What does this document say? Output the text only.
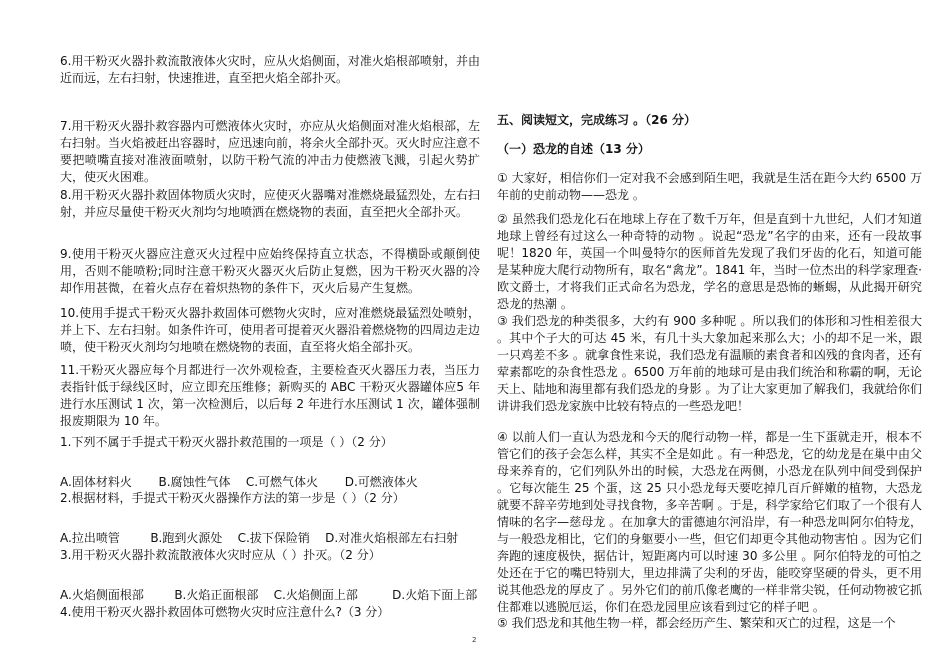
6.用干粉灭火器扑救流散液体火灾时，应从火焰侧面，对准火焰根部喷射，并由近而远，左右扫射，快速推进，直至把火焰全部扑灭。

7.用干粉灭火器扑救容器内可燃液体火灾时，亦应从火焰侧面对准火焰根部，左右扫射。当火焰被赶出容器时，应迅速向前，将余火全部扑灭。灭火时应注意不要把喷嘴直接对准液面喷射，以防干粉气流的冲击力使燃液飞溅，引起火势扩大，使灭火困难。

8.用干粉灭火器扑救固体物质火灾时，应使灭火器嘴对准燃烧最猛烈处，左右扫射，并应尽量使干粉灭火剂均匀地喷洒在燃烧物的表面，直至把火全部扑灭。

9.使用干粉灭火器应注意灭火过程中应始终保持直立状态，不得横卧或颠倒使用，否则不能喷粉;同时注意干粉灭火器灭火后防止复燃，因为干粉灭火器的冷却作用甚微，在着火点存在着炽热物的条件下，灭火后易产生复燃。

10.使用手提式干粉灭火器扑救固体可燃物火灾时，应对准燃烧最猛烈处喷射，并上下、左右扫射。如条件许可，使用者可提着灭火器沿着燃烧物的四周边走边喷，使干粉灭火剂均匀地喷在燃烧物的表面，直至将火焰全部扑灭。

11.干粉灭火器应每个月都进行一次外观检查，主要检查灭火器压力表，当压力表指针低于绿线区时，应立即充压维修；新购买的 ABC 干粉灭火器罐体应5 年进行水压测试 1 次，第一次检测后，以后每 2 年进行水压测试 1 次，罐体强制报废期限为 10 年。

1.下列不属于手提式干粉灭火器扑救范围的一项是（ ）（2 分）

A.固体材料火       B.腐蚀性气体    C.可燃气体火       D.可燃液体火

2.根据材料，手提式干粉灭火器操作方法的第一步是（ ）（2 分）

A.拉出喷管        B.跑到火源处    C.拔下保险销    D.对准火焰根部左右扫射

3.用干粉灭火器扑救流散液体火灾时应从（ ）扑灭。（2 分）

A.火焰侧面根部        B.火焰正面根部    C.火焰侧面上部         D.火焰下面上部

4.使用干粉灭火器扑救固体可燃物火灾时应注意什么?（3 分）

五、阅读短文，完成练习 。（26 分）

（一）恐龙的自述（13 分）

① 大家好，相信你们一定对我不会感到陌生吧，我就是生活在距今大约 6500 万年前的史前动物——恐龙 。

② 虽然我们恐龙化石在地球上存在了数千万年，但是直到十九世纪，人们才知道地球上曾经有过这么一种奇特的动物 。说起“恐龙”名字的由来，还有一段故事呢！1820 年，英国一个叫曼特尔的医师首先发现了我们牙齿的化石，知道可能是某种庞大爬行动物所有，取名“禽龙”。1841 年，当时一位杰出的科学家理查·欧文爵士，才将我们正式命名为恐龙，学名的意思是恐怖的蜥蜴，从此揭开研究恐龙的热潮 。

③ 我们恐龙的种类很多，大约有 900 多种呢 。所以我们的体形和习性相差很大 。其中个子大的可达 45 米，有几十头大象加起来那么大；小的却不足一米，跟一只鸡差不多 。就拿食性来说，我们恐龙有温顺的素食者和凶残的食肉者，还有荤素都吃的杂食性恐龙 。6500 万年前的地球可是由我们统治和称霸的啊，无论天上、陆地和海里都有我们恐龙的身影 。为了让大家更加了解我们，我就给你们讲讲我们恐龙家族中比较有特点的一些恐龙吧！

④ 以前人们一直认为恐龙和今天的爬行动物一样，都是一生下蛋就走开，根本不管它们的孩子会怎么样，其实不全是如此 。有一种恐龙，它的幼龙是在巢中由父母来养育的，它们列队外出的时候，大恐龙在两侧，小恐龙在队列中间受到保护 。它每次能生 25 个蛋，这 25 只小恐龙每天要吃掉几百斤鲜嫩的植物，大恐龙就要不辞辛劳地到处寻找食物，多辛苦啊 。于是，科学家给它们取了一个很有人情味的名字—慈母龙 。在加拿大的雷德迪尔河沿岸，有一种恐龙叫阿尔伯特龙，与一般恐龙相比，它们的身躯要小一些，但它们却更令其他动物害怕 。因为它们奔跑的速度极快，据估计，短距离内可以时速 30 多公里 。阿尔伯特龙的可怕之处还在于它的嘴巴特别大，里边排满了尖利的牙齿，能咬穿坚硬的骨头，更不用说其他恐龙的厚皮了 。另外它们的前爪像老鹰的一样非常尖锐，任何动物被它抓住都难以逃脱厄运，你们在恐龙园里应该看到过它的样子吧 。

⑤ 我们恐龙和其他生物一样，都会经历产生、繁荣和灭亡的过程，这是一个

2
